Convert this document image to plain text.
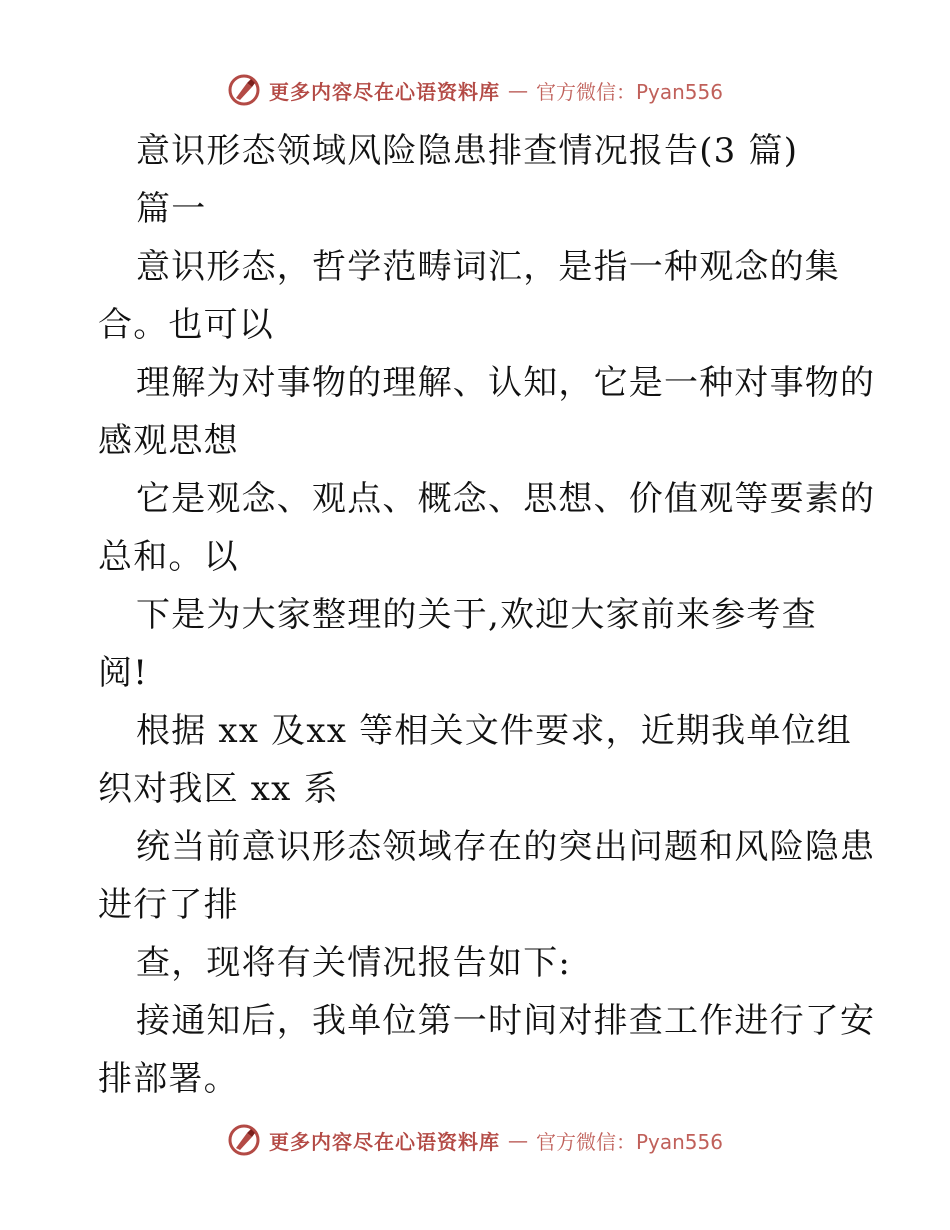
更多内容尽在心语资料库 — 官方微信：Pyan556
意识形态领域风险隐患排查情况报告(3 篇)
篇一
意识形态，哲学范畴词汇，是指一种观念的集
合。也可以
理解为对事物的理解、认知，它是一种对事物的
感观思想
它是观念、观点、概念、思想、价值观等要素的
总和。以
下是为大家整理的关于,欢迎大家前来参考查
阅!
根据 xx 及xx 等相关文件要求，近期我单位组
织对我区 xx 系
统当前意识形态领域存在的突出问题和风险隐患
进行了排
查，现将有关情况报告如下:
接通知后，我单位第一时间对排查工作进行了安
排部署。
更多内容尽在心语资料库 — 官方微信：Pyan556
